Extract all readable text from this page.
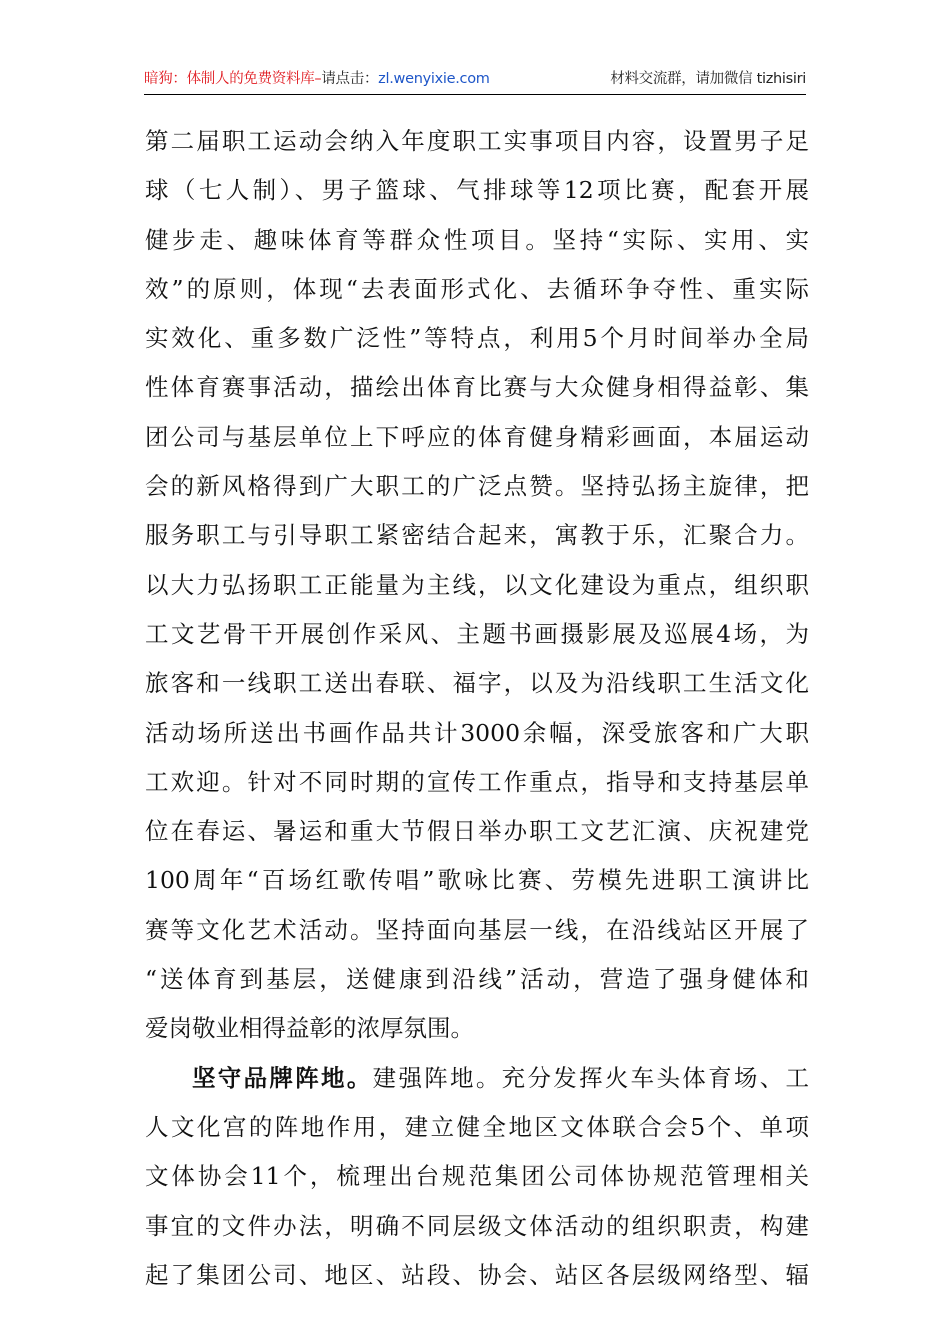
暗狗：体制人的免费资料库–请点击：zl.wenyixie.com	材料交流群，请加微信 tizhisiri
第二届职工运动会纳入年度职工实事项目内容，设置男子足
球（七人制）、男子篮球、气排球等12项比赛，配套开展
健步走、趣味体育等群众性项目。坚持“实际、实用、实
效”的原则，体现“去表面形式化、去循环争夺性、重实际
实效化、重多数广泛性”等特点，利用5个月时间举办全局
性体育赛事活动，描绘出体育比赛与大众健身相得益彰、集
团公司与基层单位上下呼应的体育健身精彩画面，本届运动
会的新风格得到广大职工的广泛点赞。坚持弘扬主旋律，把
服务职工与引导职工紧密结合起来，寓教于乐，汇聚合力。
以大力弘扬职工正能量为主线，以文化建设为重点，组织职
工文艺骨干开展创作采风、主题书画摄影展及巡展4场，为
旅客和一线职工送出春联、福字，以及为沿线职工生活文化
活动场所送出书画作品共计3000余幅，深受旅客和广大职
工欢迎。针对不同时期的宣传工作重点，指导和支持基层单
位在春运、暑运和重大节假日举办职工文艺汇演、庆祝建党
100周年“百场红歌传唱”歌咏比赛、劳模先进职工演讲比
赛等文化艺术活动。坚持面向基层一线，在沿线站区开展了
“送体育到基层，送健康到沿线”活动，营造了强身健体和
爱岗敬业相得益彰的浓厚氛围。
坚守品牌阵地。建强阵地。充分发挥火车头体育场、工
人文化宫的阵地作用，建立健全地区文体联合会5个、单项
文体协会11个，梳理出台规范集团公司体协规范管理相关
事宜的文件办法，明确不同层级文体活动的组织职责，构建
起了集团公司、地区、站段、协会、站区各层级网络型、辐
